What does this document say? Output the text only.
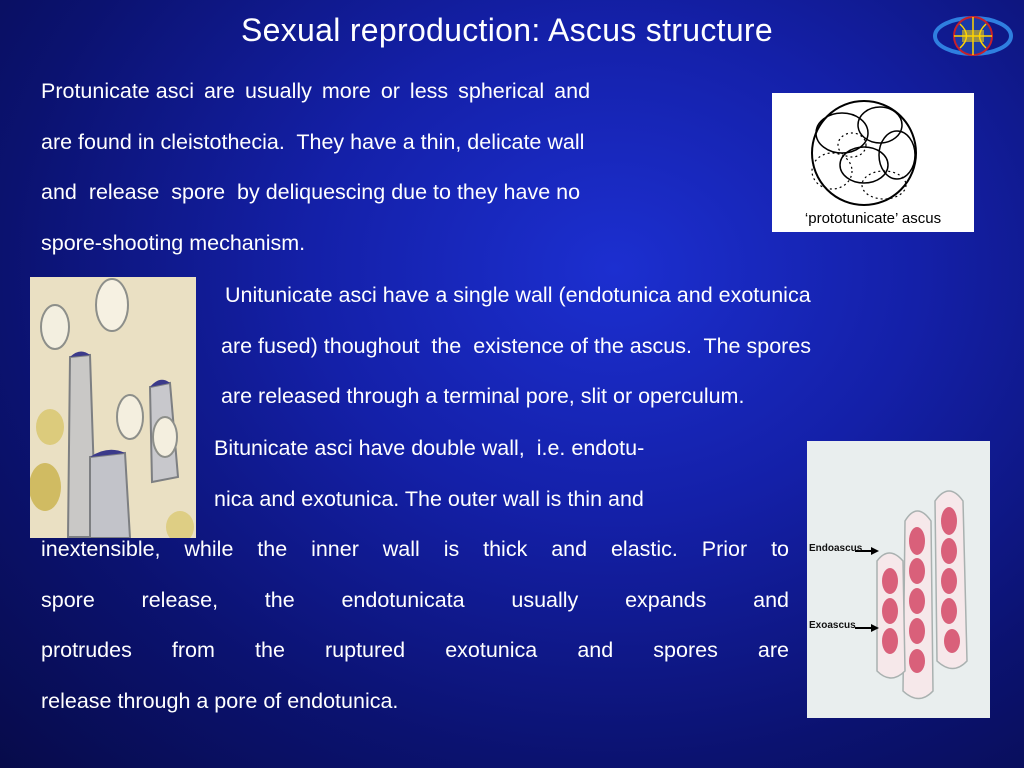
Sexual reproduction: Ascus structure
Protunicate asci are usually more or less spherical and
are found in cleistothecia.  They have a thin, delicate wall
and  release  spore  by deliquescing due to they have no
spore-shooting mechanism.
‘prototunicate’ ascus
Unitunicate asci have a single wall (endotunica and exotunica
are fused) thoughout  the  existence of the ascus.  The spores
are released through a terminal pore, slit or operculum.
Endoascus
Exoascus
Bitunicate asci have double wall,  i.e. endotu-
nica and exotunica. The outer wall is thin and
inextensible, while the inner wall is thick and elastic. Prior to
spore release, the endotunicata usually expands and
protrudes from the ruptured exotunica and spores are
release through a pore of endotunica.
